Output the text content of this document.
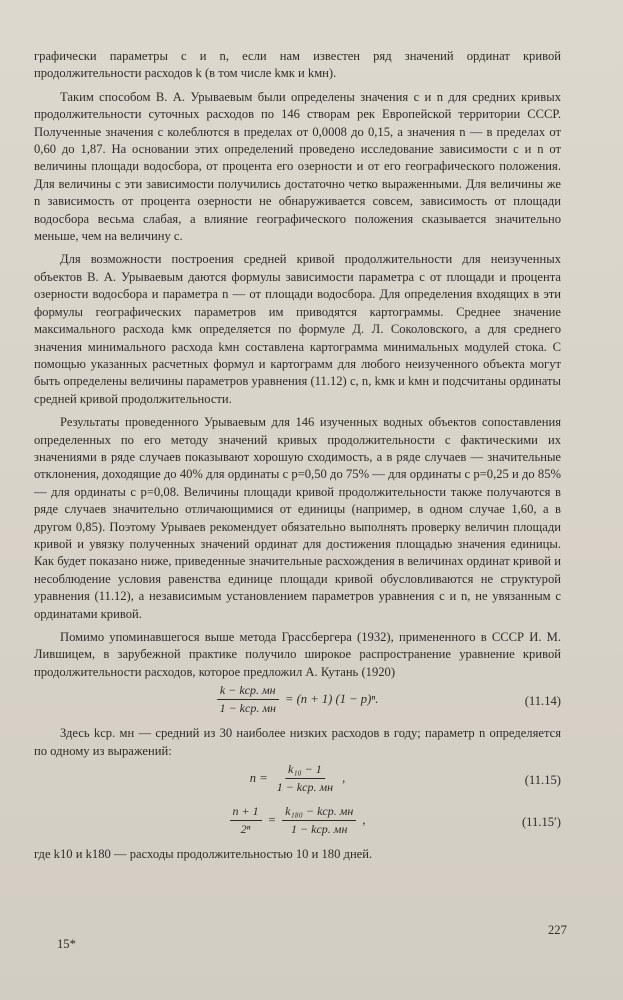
графически параметры c и n, если нам известен ряд значений ординат кривой продолжительности расходов k (в том числе kмк и kмн).

Таким способом В. А. Урываевым были определены значения c и n для средних кривых продолжительности суточных расходов по 146 створам рек Европейской территории СССР. Полученные значения c колеблются в пределах от 0,0008 до 0,15, а значения n — в пределах от 0,60 до 1,87. На основании этих определений проведено исследование зависимости c и n от величины площади водосбора, от процента его озерности и от его географического положения. Для величины c эти зависимости получились достаточно четко выраженными. Для величины же n зависимость от процента озерности не обнаруживается совсем, зависимость от площади водосбора весьма слабая, а влияние географического положения сказывается значительно меньше, чем на величину c.

Для возможности построения средней кривой продолжительности для неизученных объектов В. А. Урываевым даются формулы зависимости параметра c от площади и процента озерности водосбора и параметра n — от площади водосбора. Для определения входящих в эти формулы географических параметров им приводятся картограммы. Среднее значение максимального расхода kмк определяется по формуле Д. Л. Соколовского, а для среднего значения минимального расхода kмн составлена картограмма минимальных модулей стока. С помощью указанных расчетных формул и картограмм для любого неизученного объекта могут быть определены величины параметров уравнения (11.12) c, n, kмк и kмн и подсчитаны ординаты средней кривой продолжительности.

Результаты проведенного Урываевым для 146 изученных водных объектов сопоставления определенных по его методу значений кривых продолжительности с фактическими их значениями в ряде случаев показывают хорошую сходимость, а в ряде случаев — значительные отклонения, доходящие до 40% для ординаты с p=0,50 до 75% — для ординаты с p=0,25 и до 85% — для ординаты с p=0,08. Величины площади кривой продолжительности также получаются в ряде случаев значительно отличающимися от единицы (например, в одном случае 1,60, а в другом 0,85). Поэтому Урываев рекомендует обязательно выполнять проверку величин площади кривой и увязку полученных значений ординат для достижения площадью значения единицы. Как будет показано ниже, приведенные значительные расхождения в величинах ординат кривой и несоблюдение условия равенства единице площади кривой обусловливаются не структурой уравнения (11.12), а независимым установлением параметров уравнения c и n, не увязанным с ординатами кривой.

Помимо упоминавшегося выше метода Грассбергера (1932), примененного в СССР И. М. Лившицем, в зарубежной практике получило широкое распространение уравнение кривой продолжительности расходов, которое предложил А. Кутань (1920)

$\frac{\text{k − kср. мн}}{\text{1 − kср. мн}} = (n + 1) (1 - p)^n$.	(11.14)

Здесь kср. мн — средний из 30 наиболее низких расходов в году; параметр n определяется по одному из выражений:

$n = \frac{\text{k₁₀ − 1}}{\text{1 − kср. мн}}$ ,	(11.15)
$\frac{n + 1}{\text{2ⁿ}} = \frac{\text{k₁₈₀ − kср. мн}}{\text{1 − kср. мн}}$ ,	(11.15′)

где k10 и k180 — расходы продолжительностью 10 и 180 дней.

227
15*
